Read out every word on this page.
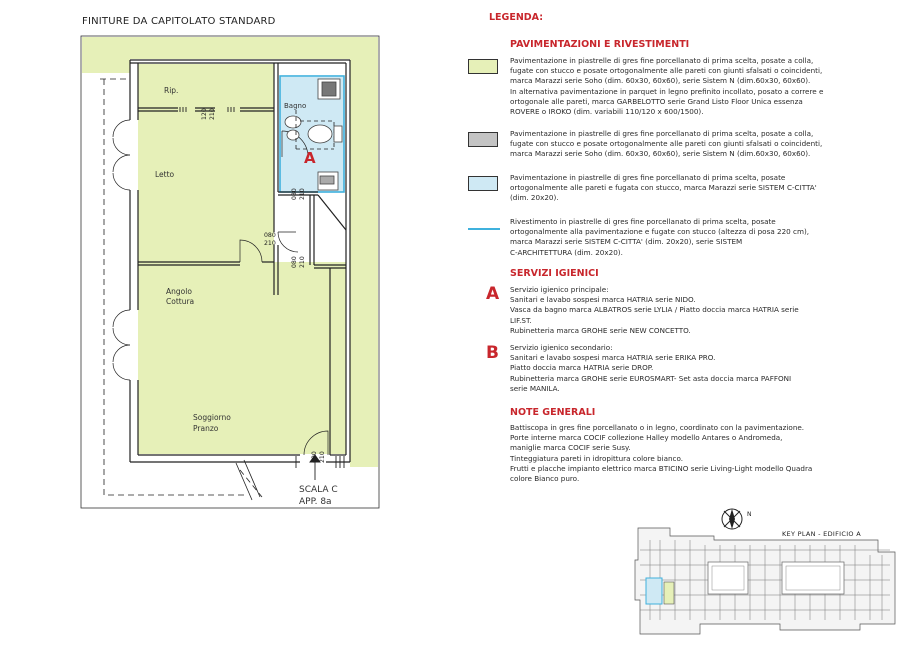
FINITURE DA CAPITOLATO STANDARD
Rip.
Bagno
Letto
Angolo
Cottura
Soggiorno
Pranzo
120 210
080
210
080 210
080 210
090 210
A
SCALA C
APP. 8a
LEGENDA:
PAVIMENTAZIONI E RIVESTIMENTI
Pavimentazione in piastrelle di gres fine porcellanato di prima scelta, posate a colla,
fugate con stucco e posate ortogonalmente alle pareti con giunti sfalsati o coincidenti,
marca Marazzi serie Soho (dim. 60x30, 60x60), serie Sistem N (dim.60x30, 60x60).
In alternativa pavimentazione in parquet in legno prefinito incollato, posato a correre e
ortogonale alle pareti, marca GARBELOTTO serie Grand Listo Floor Unica essenza
ROVERE o IROKO (dim. variabili 110/120 x 600/1500).
Pavimentazione in piastrelle di gres fine porcellanato di prima scelta, posate a colla,
fugate con stucco e posate ortogonalmente alle pareti con giunti sfalsati o coincidenti,
marca Marazzi serie Soho (dim. 60x30, 60x60), serie Sistem N (dim.60x30, 60x60).
Pavimentazione in piastrelle di gres fine porcellanato di prima scelta, posate
ortogonalmente alle pareti e fugata con stucco, marca Marazzi serie SISTEM C-CITTA'
(dim. 20x20).
Rivestimento in piastrelle di gres fine porcellanato di prima scelta, posate
ortogonalmente alla pavimentazione e fugate con stucco (altezza di posa 220 cm),
marca Marazzi serie SISTEM C-CITTA' (dim. 20x20), serie SISTEM
C-ARCHITETTURA (dim. 20x20).
SERVIZI IGIENICI
A Servizio igienico principale:
Sanitari e lavabo sospesi marca HATRIA serie NIDO.
Vasca da bagno marca ALBATROS serie LYLIA / Piatto doccia marca HATRIA serie
LIF.ST.
Rubinetteria marca GROHE serie NEW CONCETTO.
B Servizio igienico secondario:
Sanitari e lavabo sospesi marca HATRIA serie ERIKA PRO.
Piatto doccia marca HATRIA serie DROP.
Rubinetteria marca GROHE serie EUROSMART- Set asta doccia marca PAFFONI
serie MANILA.
NOTE GENERALI
Battiscopa in gres fine porcellanato o in legno, coordinato con la pavimentazione.
Porte interne marca COCIF collezione Halley modello Antares o Andromeda,
maniglie marca COCIF serie Susy.
Tinteggiatura pareti in idropittura colore bianco.
Frutti e placche impianto elettrico marca BTICINO serie Living-Light modello Quadra
colore Bianco puro.
N
KEY PLAN - EDIFICIO A
